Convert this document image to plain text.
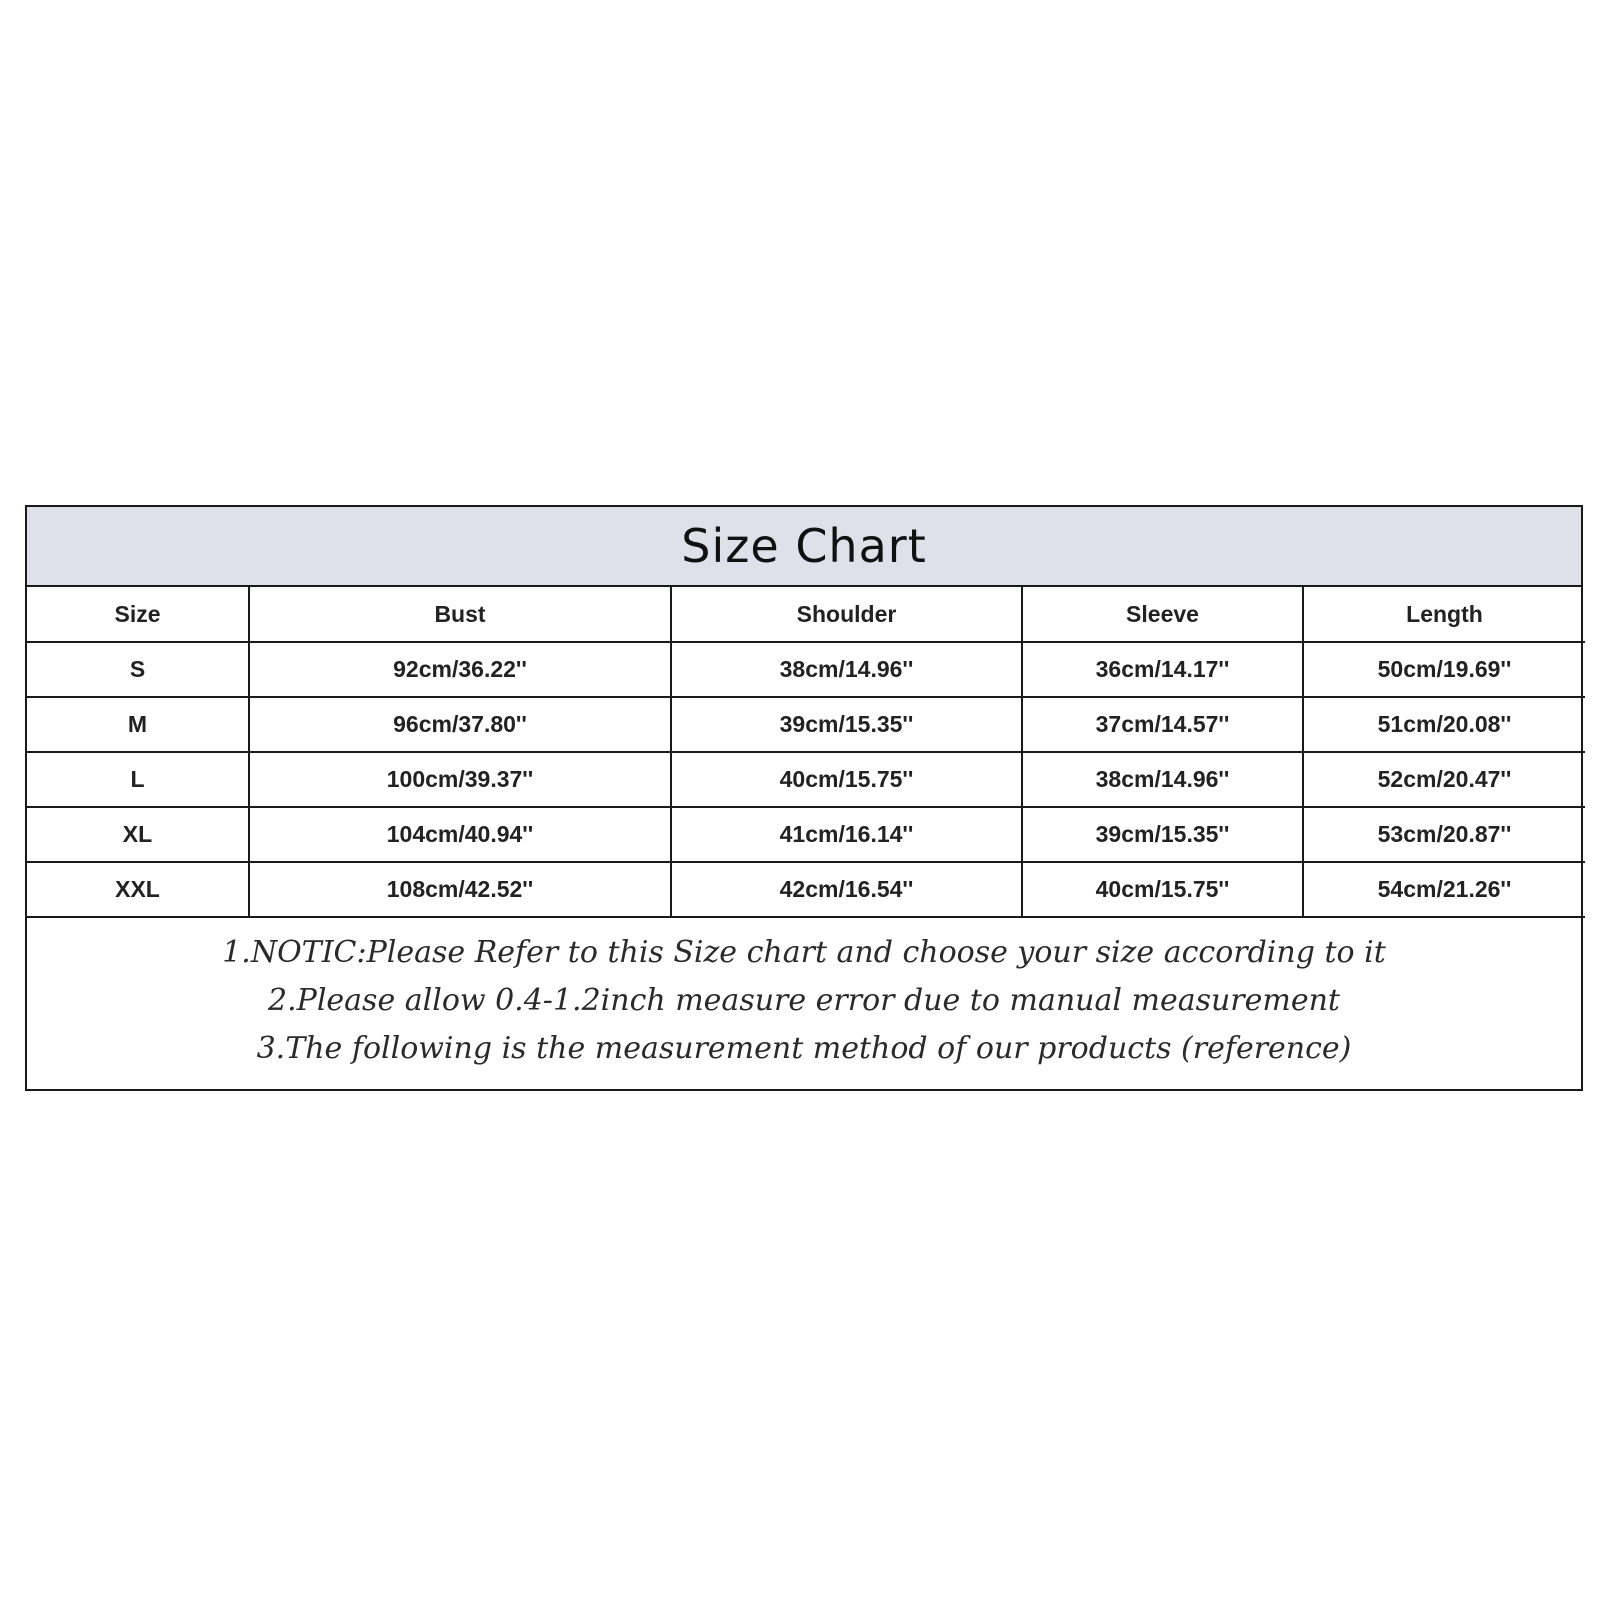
Size Chart
Size	Bust	Shoulder	Sleeve	Length
S	92cm/36.22''	38cm/14.96''	36cm/14.17''	50cm/19.69''
M	96cm/37.80''	39cm/15.35''	37cm/14.57''	51cm/20.08''
L	100cm/39.37''	40cm/15.75''	38cm/14.96''	52cm/20.47''
XL	104cm/40.94''	41cm/16.14''	39cm/15.35''	53cm/20.87''
XXL	108cm/42.52''	42cm/16.54''	40cm/15.75''	54cm/21.26''
1.NOTIC:Please Refer to this Size chart and choose your size according to it
2.Please allow 0.4-1.2inch measure error due to manual measurement
3.The following is the measurement method of our products (reference)
